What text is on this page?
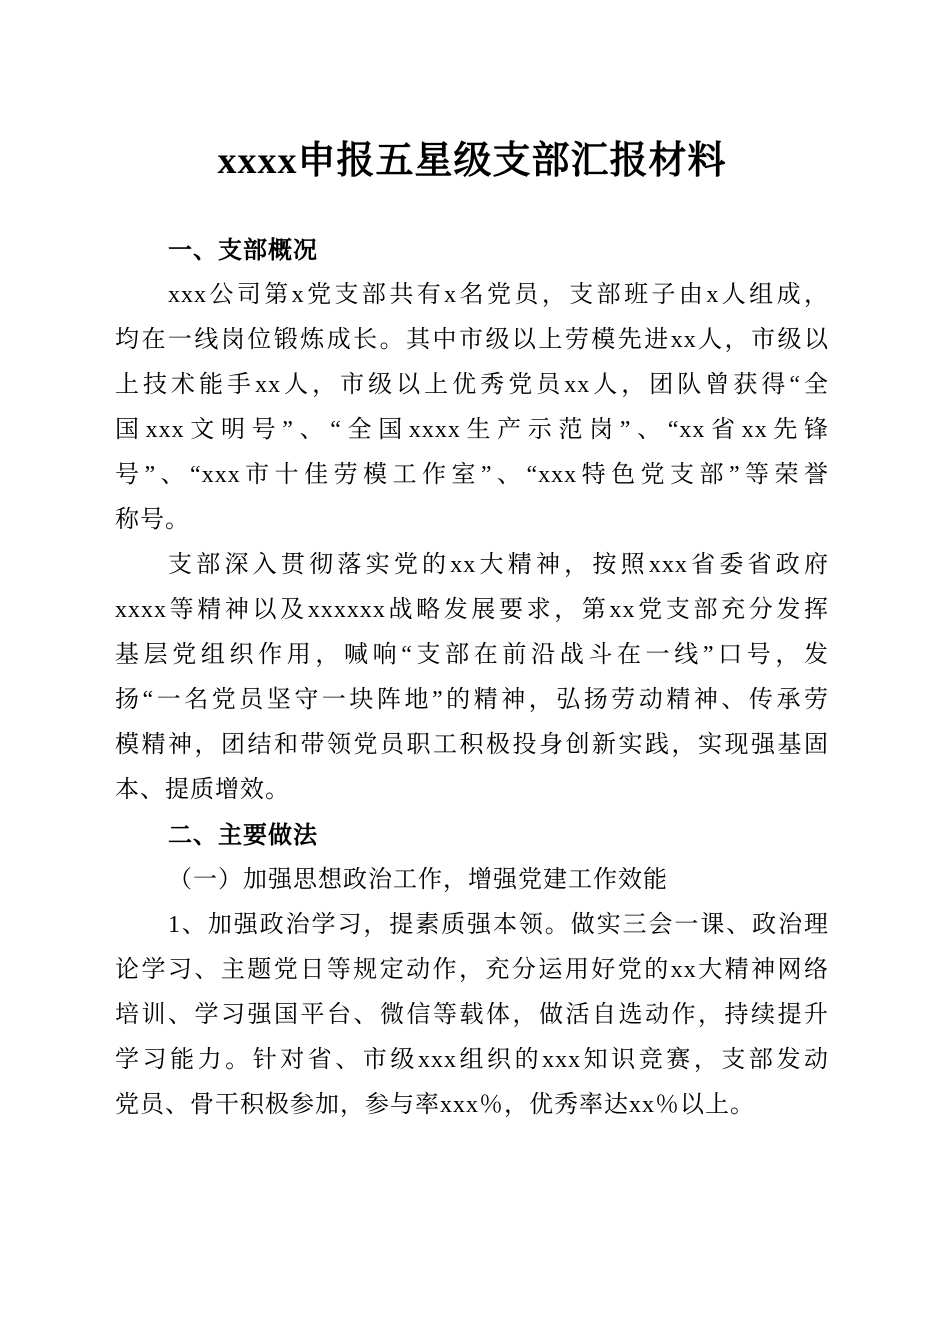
xxxx申报五星级支部汇报材料
一、支部概况
xxx公司第x党支部共有x名党员，支部班子由x人组成，
均在一线岗位锻炼成长。其中市级以上劳模先进xx人，市级以
上技术能手xx人，市级以上优秀党员xx人，团队曾获得“全
国xxx文明号”、“全国xxxx生产示范岗”、“xx省xx先锋
号”、“xxx市十佳劳模工作室”、“xxx特色党支部”等荣誉
称号。
支部深入贯彻落实党的xx大精神，按照xxx省委省政府
xxxx等精神以及xxxxxx战略发展要求，第xx党支部充分发挥
基层党组织作用，喊响“支部在前沿战斗在一线”口号，发
扬“一名党员坚守一块阵地”的精神，弘扬劳动精神、传承劳
模精神，团结和带领党员职工积极投身创新实践，实现强基固
本、提质增效。
二、主要做法
（一）加强思想政治工作，增强党建工作效能
1、加强政治学习，提素质强本领。做实三会一课、政治理
论学习、主题党日等规定动作，充分运用好党的xx大精神网络
培训、学习强国平台、微信等载体，做活自选动作，持续提升
学习能力。针对省、市级xxx组织的xxx知识竞赛，支部发动
党员、骨干积极参加，参与率xxx％，优秀率达xx％以上。
